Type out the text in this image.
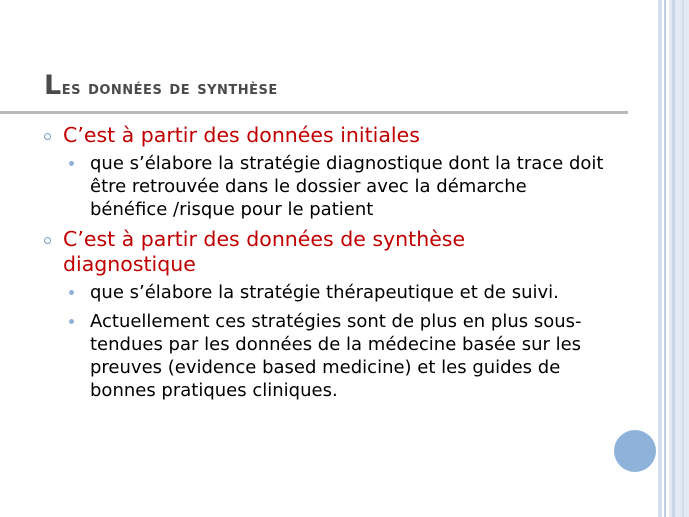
Les données de synthèse
C’est à partir des données initiales
que s’élabore la stratégie diagnostique dont la trace doit être retrouvée dans le dossier avec la démarche bénéfice /risque pour le patient
C’est à partir des données de synthèse diagnostique
que s’élabore la stratégie thérapeutique et de suivi.
Actuellement ces stratégies sont de plus en plus sous-tendues par les données de la médecine basée sur les preuves (evidence based medicine) et les guides de bonnes pratiques cliniques.
